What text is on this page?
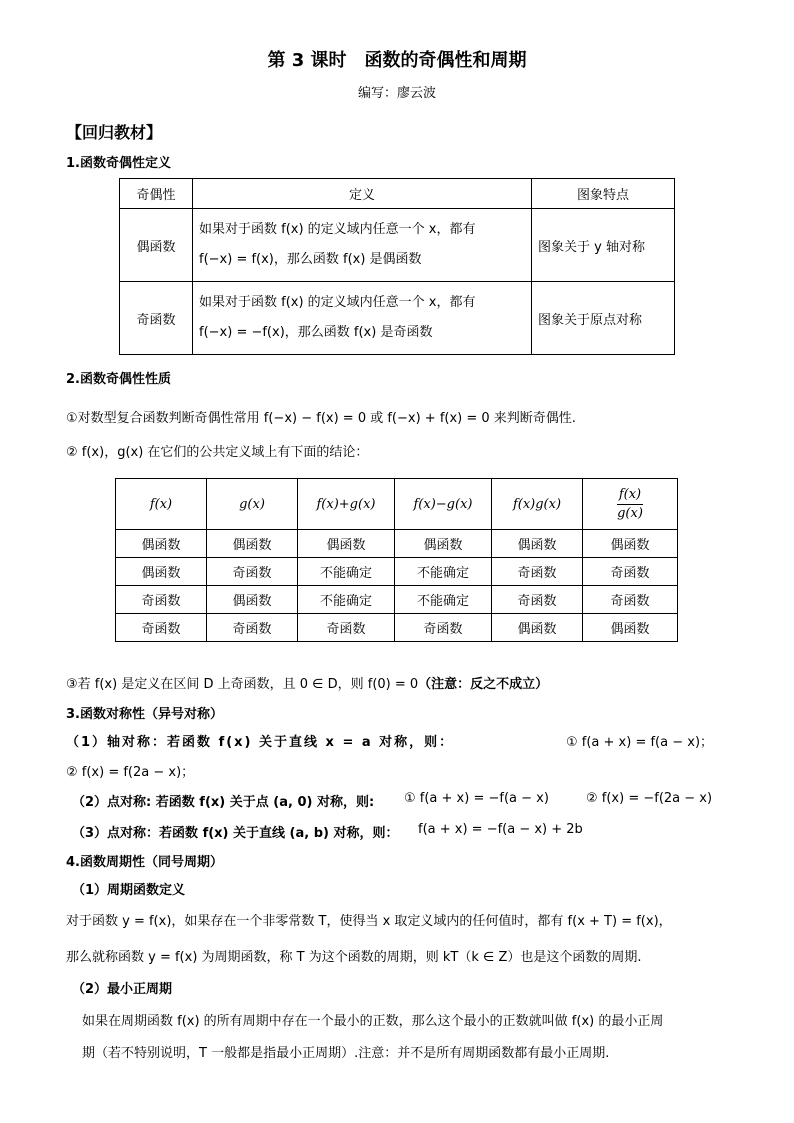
第 3 课时　函数的奇偶性和周期
编写：廖云波
【回归教材】
1.函数奇偶性定义
奇偶性	定义	图象特点
偶函数	如果对于函数 f(x) 的定义域内任意一个 x，都有
f(−x) = f(x)，那么函数 f(x) 是偶函数	图象关于 y 轴对称
奇函数	如果对于函数 f(x) 的定义域内任意一个 x，都有
f(−x) = −f(x)，那么函数 f(x) 是奇函数	图象关于原点对称
2.函数奇偶性性质
①对数型复合函数判断奇偶性常用 f(−x) − f(x) = 0 或 f(−x) + f(x) = 0 来判断奇偶性.
② f(x)，g(x) 在它们的公共定义域上有下面的结论：
f(x)	g(x)	f(x)+g(x)	f(x)−g(x)	f(x)g(x)	$\frac{f(x)}{g(x)}$

偶函数	偶函数	偶函数	偶函数	偶函数	偶函数
偶函数	奇函数	不能确定	不能确定	奇函数	奇函数
奇函数	偶函数	不能确定	不能确定	奇函数	奇函数
奇函数	奇函数	奇函数	奇函数	偶函数	偶函数
③若 f(x) 是定义在区间 D 上奇函数，且 0 ∈ D，则 f(0) = 0（注意：反之不成立）
3.函数对称性（异号对称）
（1）轴对称：若函数 f(x) 关于直线 x = a 对称，则：	① f(a + x) = f(a − x)；
② f(x) = f(2a − x)；
（2）点对称: 若函数 f(x) 关于点 (a, 0) 对称，则: ① f(a + x) = −f(a − x)	② f(x) = −f(2a − x)
（3）点对称：若函数 f(x) 关于直线 (a, b) 对称，则： f(a + x) = −f(a − x) + 2b
4.函数周期性（同号周期）
（1）周期函数定义
对于函数 y = f(x)，如果存在一个非零常数 T，使得当 x 取定义域内的任何值时，都有 f(x + T) = f(x)，
那么就称函数 y = f(x) 为周期函数，称 T 为这个函数的周期，则 kT（k ∈ Z）也是这个函数的周期.
（2）最小正周期
如果在周期函数 f(x) 的所有周期中存在一个最小的正数，那么这个最小的正数就叫做 f(x) 的最小正周
期（若不特别说明，T 一般都是指最小正周期）.注意：并不是所有周期函数都有最小正周期.
